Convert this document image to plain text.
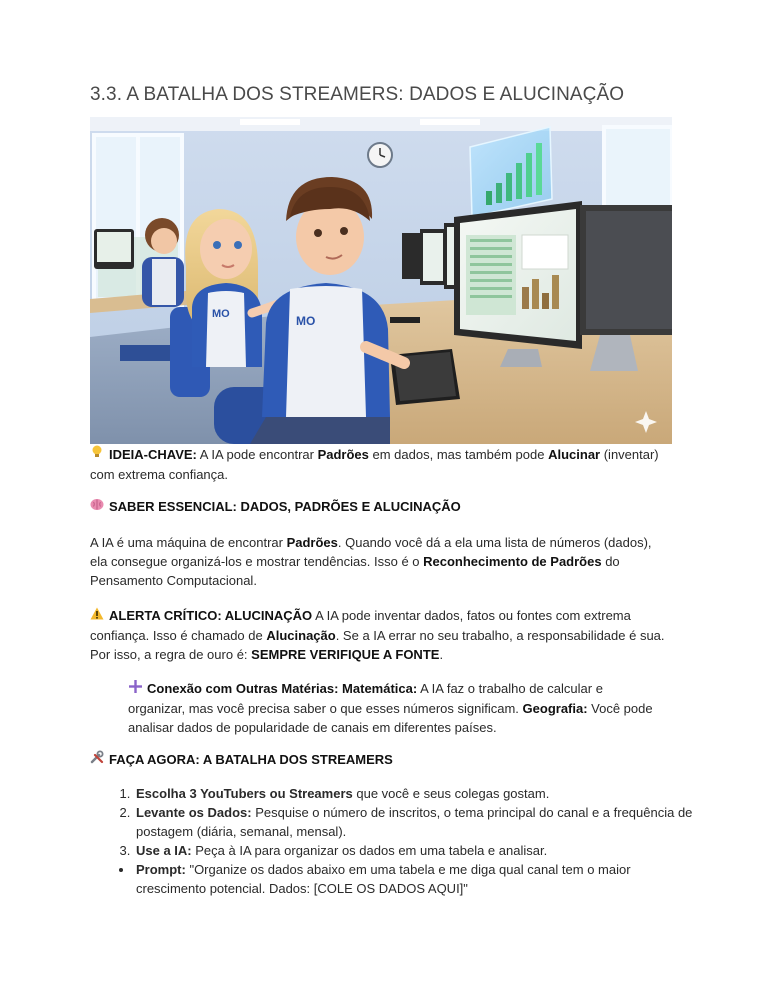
3.3. A BATALHA DOS STREAMERS: DADOS E ALUCINAÇÃO
MO	MO
IDEIA-CHAVE: A IA pode encontrar Padrões em dados, mas também pode Alucinar (inventar) com extrema confiança.
SABER ESSENCIAL: DADOS, PADRÕES E ALUCINAÇÃO
A IA é uma máquina de encontrar Padrões. Quando você dá a ela uma lista de números (dados), ela consegue organizá-los e mostrar tendências. Isso é o Reconhecimento de Padrões do Pensamento Computacional.
ALERTA CRÍTICO: ALUCINAÇÃO A IA pode inventar dados, fatos ou fontes com extrema confiança. Isso é chamado de Alucinação. Se a IA errar no seu trabalho, a responsabilidade é sua. Por isso, a regra de ouro é: SEMPRE VERIFIQUE A FONTE.
Conexão com Outras Matérias: Matemática: A IA faz o trabalho de calcular e organizar, mas você precisa saber o que esses números significam. Geografia: Você pode analisar dados de popularidade de canais em diferentes países.
FAÇA AGORA: A BATALHA DOS STREAMERS
1. Escolha 3 YouTubers ou Streamers que você e seus colegas gostam.
2. Levante os Dados: Pesquise o número de inscritos, o tema principal do canal e a frequência de postagem (diária, semanal, mensal).
3. Use a IA: Peça à IA para organizar os dados em uma tabela e analisar.
• Prompt: "Organize os dados abaixo em uma tabela e me diga qual canal tem o maior crescimento potencial. Dados: [COLE OS DADOS AQUI]"
